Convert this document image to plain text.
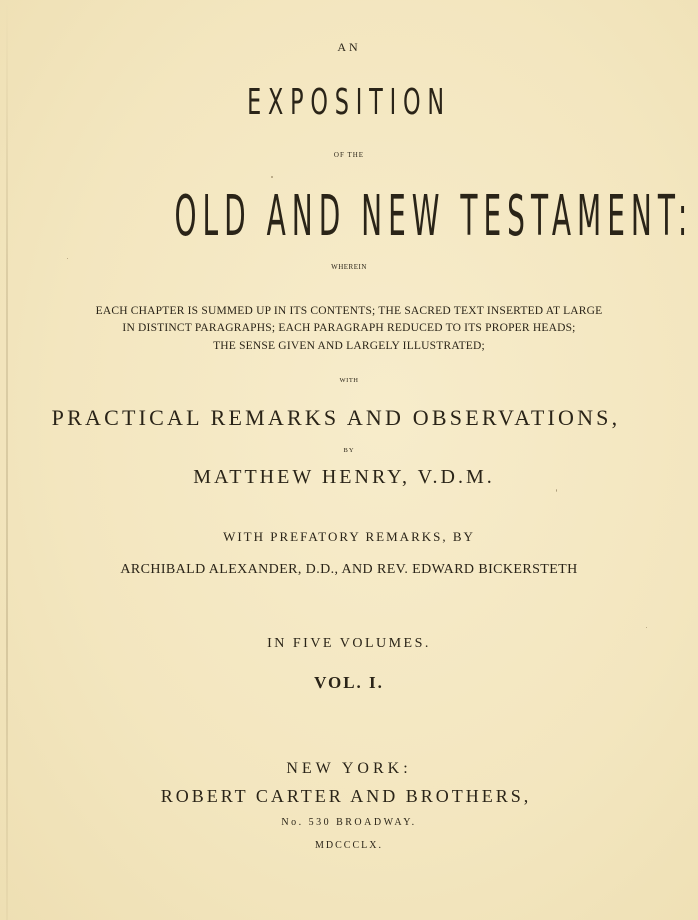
AN
EXPOSITION
OF THE
OLD AND NEW TESTAMENT:
WHEREIN
EACH CHAPTER IS SUMMED UP IN ITS CONTENTS; THE SACRED TEXT INSERTED AT LARGE
IN DISTINCT PARAGRAPHS; EACH PARAGRAPH REDUCED TO ITS PROPER HEADS;
THE SENSE GIVEN AND LARGELY ILLUSTRATED;
WITH
PRACTICAL REMARKS AND OBSERVATIONS,
BY
MATTHEW HENRY, V.D.M.
WITH PREFATORY REMARKS, BY
ARCHIBALD ALEXANDER, D.D., AND REV. EDWARD BICKERSTETH
IN FIVE VOLUMES.
VOL. I.
NEW YORK:
ROBERT CARTER AND BROTHERS,
No. 530 BROADWAY.
MDCCCLX.
